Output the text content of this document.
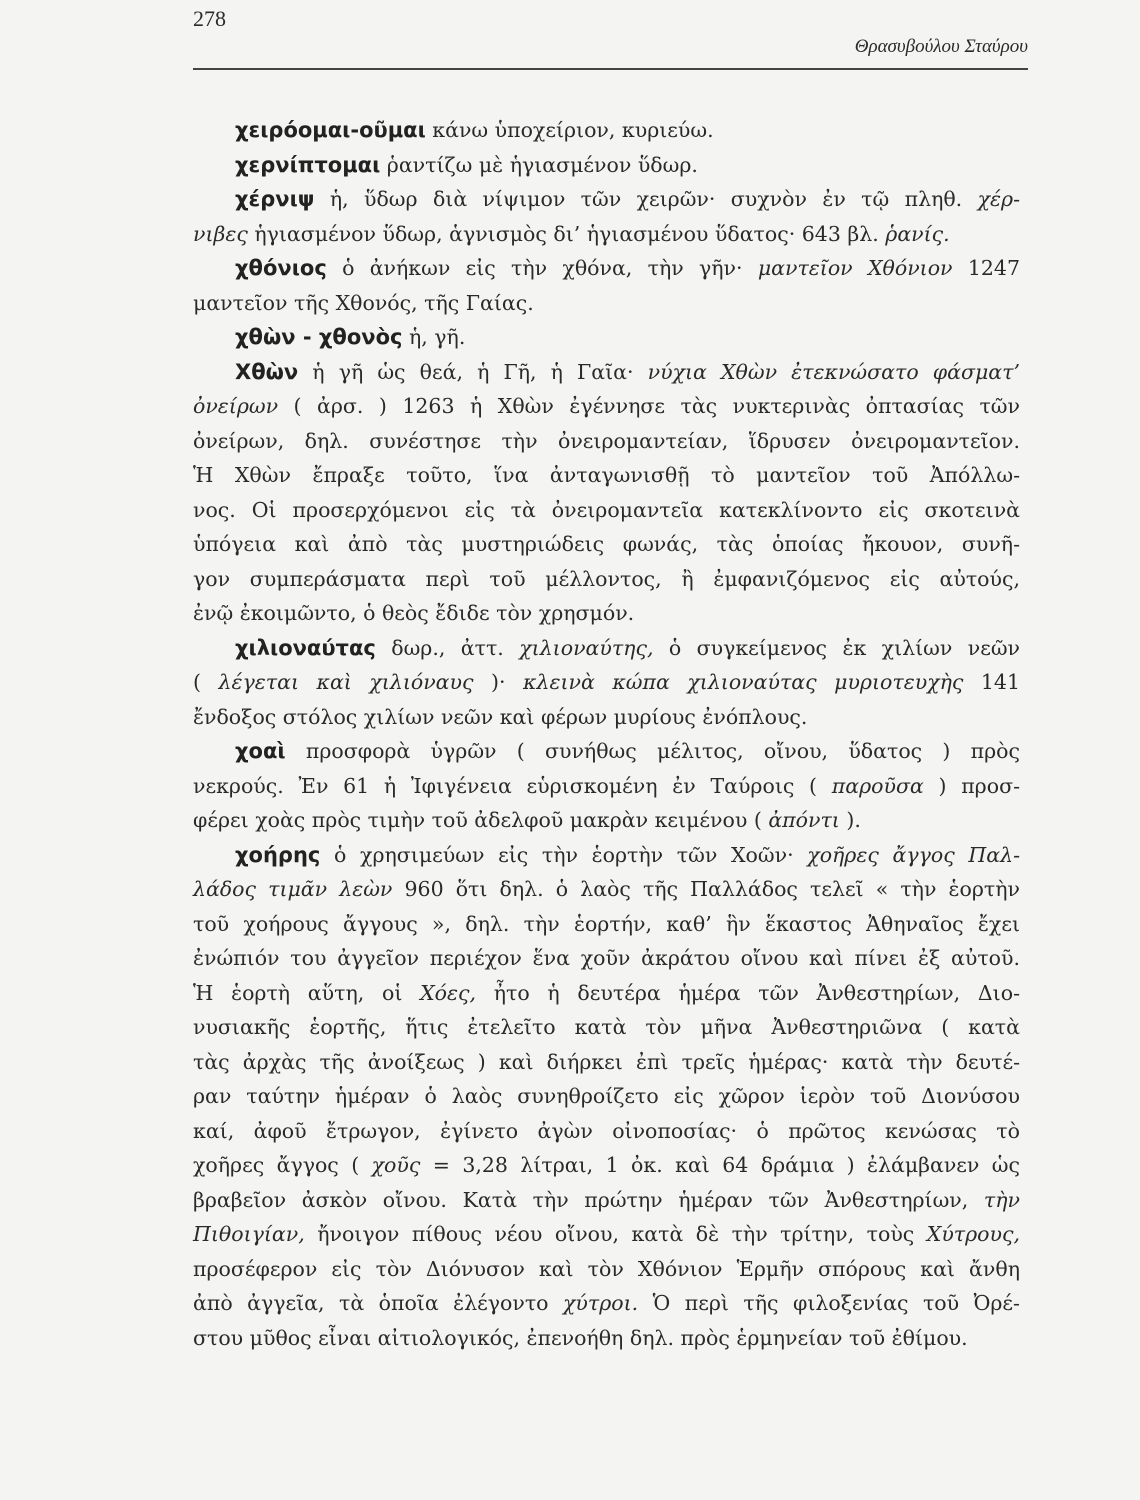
278
Θρασυβούλου Σταύρου
χειρόομαι-οῦμαι κάνω ὑποχείριον, κυριεύω.
χερνίπτομαι ῥαντίζω μὲ ἡγιασμένον ὕδωρ.
χέρνιψ ἡ, ὕδωρ διὰ νίψιμον τῶν χειρῶν· συχνὸν ἐν τῷ πληθ. χέρ-
νιβες ἡγιασμένον ὕδωρ, ἁγνισμὸς δι’ ἡγιασμένου ὕδατος· 643 βλ. ῥανίς.
χθόνιος ὁ ἀνήκων εἰς τὴν χθόνα, τὴν γῆν· μαντεῖον Χθόνιον 1247
μαντεῖον τῆς Χθονός, τῆς Γαίας.
χθὼν - χθονὸς ἡ, γῆ.
Χθὼν ἡ γῆ ὡς θεά, ἡ Γῆ, ἡ Γαῖα· νύχια Χθὼν ἐτεκνώσατο φάσματ’
ὀνείρων ( ἀρσ. ) 1263 ἡ Χθὼν ἐγέννησε τὰς νυκτερινὰς ὀπτασίας τῶν
ὀνείρων, δηλ. συνέστησε τὴν ὀνειρομαντείαν, ἵδρυσεν ὀνειρομαντεῖον.
Ἡ Χθὼν ἔπραξε τοῦτο, ἵνα ἀνταγωνισθῇ τὸ μαντεῖον τοῦ Ἀπόλλω-
νος. Οἱ προσερχόμενοι εἰς τὰ ὀνειρομαντεῖα κατεκλίνοντο εἰς σκοτεινὰ
ὑπόγεια καὶ ἀπὸ τὰς μυστηριώδεις φωνάς, τὰς ὁποίας ἤκουον, συνῆ-
γον συμπεράσματα περὶ τοῦ μέλλοντος, ἢ ἐμφανιζόμενος εἰς αὐτούς,
ἐνῷ ἐκοιμῶντο, ὁ θεὸς ἔδιδε τὸν χρησμόν.
χιλιοναύτας δωρ., ἀττ. χιλιοναύτης, ὁ συγκείμενος ἐκ χιλίων νεῶν
( λέγεται καὶ χιλιόναυς )· κλεινὰ κώπα χιλιοναύτας μυριοτευχὴς 141
ἔνδοξος στόλος χιλίων νεῶν καὶ φέρων μυρίους ἐνόπλους.
χοαὶ προσφορὰ ὑγρῶν ( συνήθως μέλιτος, οἴνου, ὕδατος ) πρὸς
νεκρούς. Ἐν 61 ἡ Ἰφιγένεια εὑρισκομένη ἐν Ταύροις ( παροῦσα ) προσ-
φέρει χοὰς πρὸς τιμὴν τοῦ ἀδελφοῦ μακρὰν κειμένου ( ἀπόντι ).
χοήρης ὁ χρησιμεύων εἰς τὴν ἑορτὴν τῶν Χοῶν· χοῆρες ἄγγος Παλ-
λάδος τιμᾶν λεὼν 960 ὅτι δηλ. ὁ λαὸς τῆς Παλλάδος τελεῖ « τὴν ἑορτὴν
τοῦ χοήρους ἄγγους », δηλ. τὴν ἑορτήν, καθ’ ἣν ἕκαστος Ἀθηναῖος ἔχει
ἐνώπιόν του ἀγγεῖον περιέχον ἕνα χοῦν ἀκράτου οἴνου καὶ πίνει ἐξ αὐτοῦ.
Ἡ ἑορτὴ αὕτη, οἱ Χόες, ἦτο ἡ δευτέρα ἡμέρα τῶν Ἀνθεστηρίων, Διο-
νυσιακῆς ἑορτῆς, ἥτις ἐτελεῖτο κατὰ τὸν μῆνα Ἀνθεστηριῶνα ( κατὰ
τὰς ἀρχὰς τῆς ἀνοίξεως ) καὶ διήρκει ἐπὶ τρεῖς ἡμέρας· κατὰ τὴν δευτέ-
ραν ταύτην ἡμέραν ὁ λαὸς συνηθροίζετο εἰς χῶρον ἱερὸν τοῦ Διονύσου
καί, ἀφοῦ ἔτρωγον, ἐγίνετο ἀγὼν οἰνοποσίας· ὁ πρῶτος κενώσας τὸ
χοῆρες ἄγγος ( χοῦς = 3,28 λίτραι, 1 ὀκ. καὶ 64 δράμια ) ἐλάμβανεν ὡς
βραβεῖον ἀσκὸν οἴνου. Κατὰ τὴν πρώτην ἡμέραν τῶν Ἀνθεστηρίων, τὴν
Πιθοιγίαν, ἤνοιγον πίθους νέου οἴνου, κατὰ δὲ τὴν τρίτην, τοὺς Χύτρους,
προσέφερον εἰς τὸν Διόνυσον καὶ τὸν Χθόνιον Ἑρμῆν σπόρους καὶ ἄνθη
ἀπὸ ἀγγεῖα, τὰ ὁποῖα ἐλέγοντο χύτροι. Ὁ περὶ τῆς φιλοξενίας τοῦ Ὀρέ-
στου μῦθος εἶναι αἰτιολογικός, ἐπενοήθη δηλ. πρὸς ἑρμηνείαν τοῦ ἐθίμου.
